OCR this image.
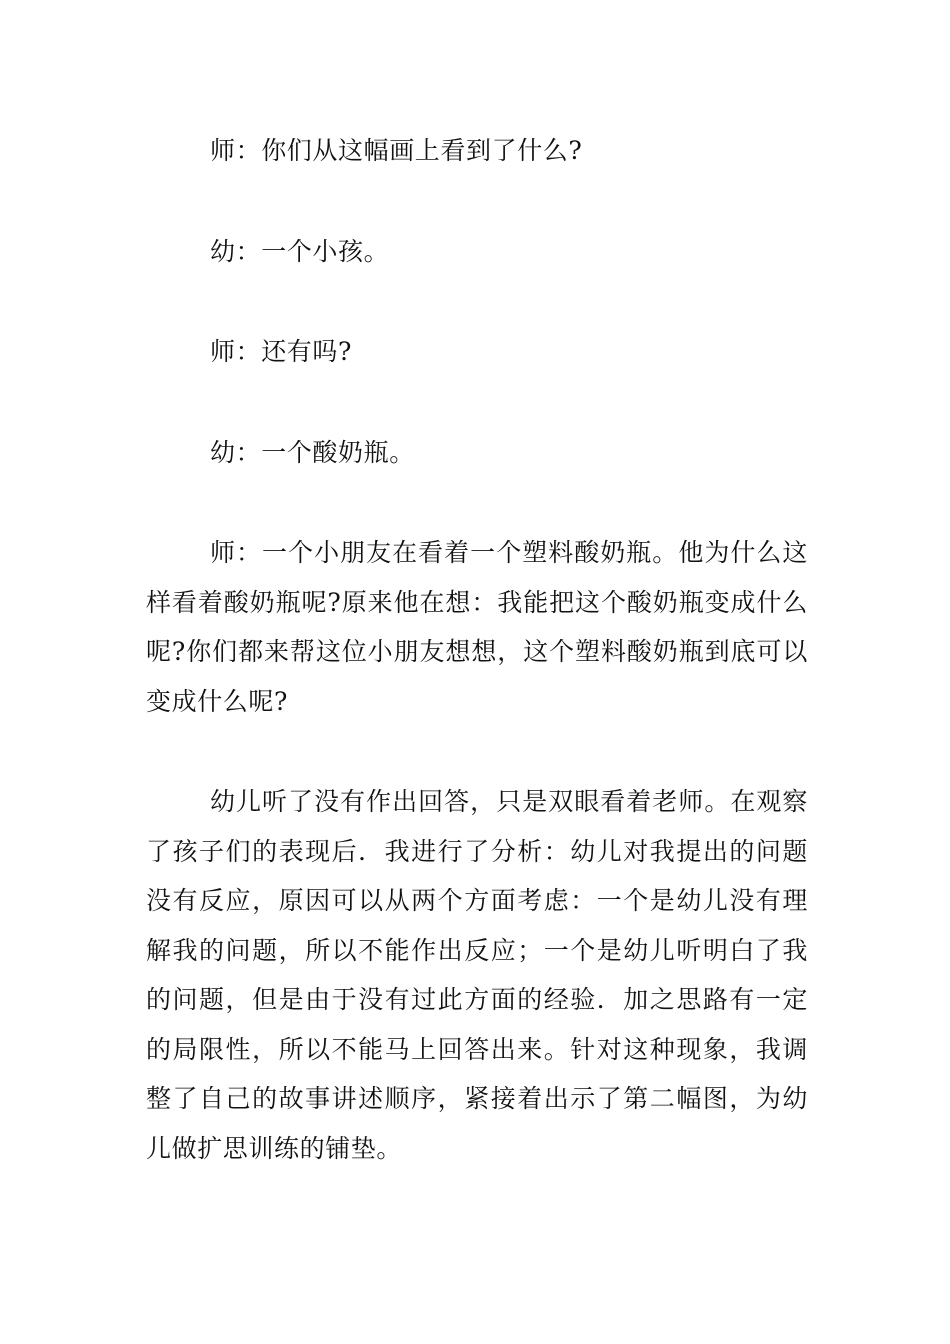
师：你们从这幅画上看到了什么?

幼：一个小孩。

师：还有吗?

幼：一个酸奶瓶。

师：一个小朋友在看着一个塑料酸奶瓶。他为什么这样看着酸奶瓶呢?原来他在想：我能把这个酸奶瓶变成什么呢?你们都来帮这位小朋友想想，这个塑料酸奶瓶到底可以变成什么呢?

幼儿听了没有作出回答，只是双眼看着老师。在观察了孩子们的表现后．我进行了分析：幼儿对我提出的问题没有反应，原因可以从两个方面考虑：一个是幼儿没有理解我的问题，所以不能作出反应；一个是幼儿听明白了我的问题，但是由于没有过此方面的经验．加之思路有一定的局限性，所以不能马上回答出来。针对这种现象，我调整了自己的故事讲述顺序，紧接着出示了第二幅图，为幼儿做扩思训练的铺垫。
